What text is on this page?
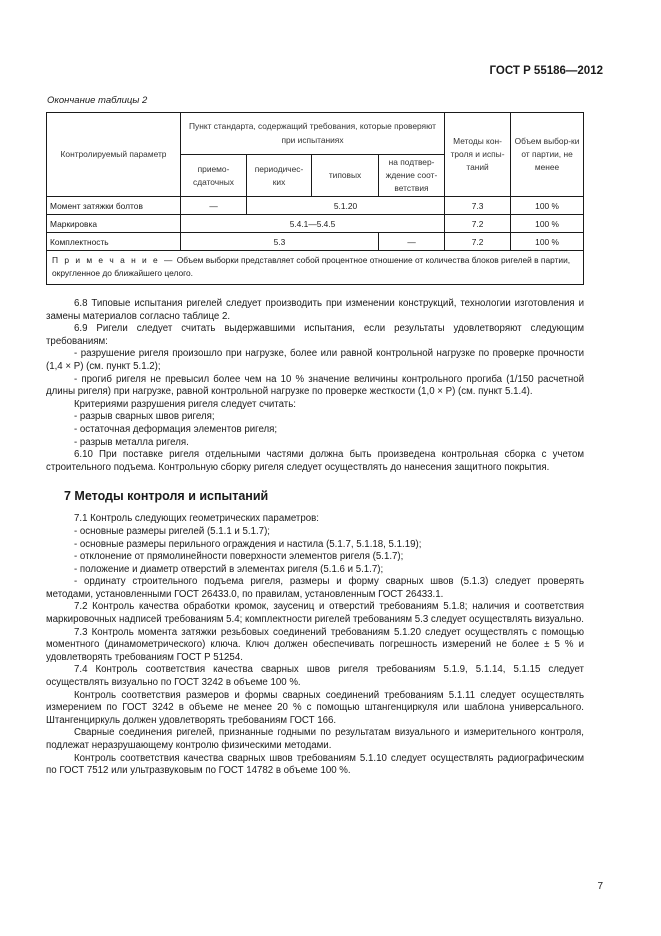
ГОСТ Р 55186—2012
Окончание таблицы 2
Контролируемый параметр	Пункт стандарта, содержащий требования, которые проверяют при испытаниях				Методы кон-троля и испы-таний	Объем выбор-ки от партии, не менее
	приемо-сдаточных	периодичес-ких	типовых	на подтвер-ждение соот-ветствия		
Момент затяжки болтов	—	5.1.20			7.3	100 %
Маркировка	5.4.1—5.4.5				7.2	100 %
Комплектность	5.3			—	7.2	100 %
П р и м е ч а н и е — Объем выборки представляет собой процентное отношение от количества блоков ригелей в партии, округленное до ближайшего целого.						

6.8 Типовые испытания ригелей следует производить при изменении конструкций, технологии изготовления и замены материалов согласно таблице 2.

6.9 Ригели следует считать выдержавшими испытания, если результаты удовлетворяют следующим требованиям:

- разрушение ригеля произошло при нагрузке, более или равной контрольной нагрузке по проверке прочности (1,4 × P) (см. пункт 5.1.2);

- прогиб ригеля не превысил более чем на 10 % значение величины контрольного прогиба (1/150 расчетной длины ригеля) при нагрузке, равной контрольной нагрузке по проверке жесткости (1,0 × P) (см. пункт 5.1.4).

Критериями разрушения ригеля следует считать:

- разрыв сварных швов ригеля;

- остаточная деформация элементов ригеля;

- разрыв металла ригеля.

6.10 При поставке ригеля отдельными частями должна быть произведена контрольная сборка с учетом строительного подъема. Контрольную сборку ригеля следует осуществлять до нанесения защитного покрытия.

7 Методы контроля и испытаний

7.1 Контроль следующих геометрических параметров:

- основные размеры ригелей (5.1.1 и 5.1.7);

- основные размеры перильного ограждения и настила (5.1.7, 5.1.18, 5.1.19);

- отклонение от прямолинейности поверхности элементов ригеля (5.1.7);

- положение и диаметр отверстий в элементах ригеля (5.1.6 и 5.1.7);

- ординату строительного подъема ригеля, размеры и форму сварных швов (5.1.3) следует проверять методами, установленными ГОСТ 26433.0, по правилам, установленным ГОСТ 26433.1.

7.2 Контроль качества обработки кромок, заусениц и отверстий требованиям 5.1.8; наличия и соответствия маркировочных надписей требованиям 5.4; комплектности ригелей требованиям 5.3 следует осуществлять визуально.

7.3 Контроль момента затяжки резьбовых соединений требованиям 5.1.20 следует осуществлять с помощью моментного (динамометрического) ключа. Ключ должен обеспечивать погрешность измерений не более ± 5 % и удовлетворять требованиям ГОСТ Р 51254.

7.4 Контроль соответствия качества сварных швов ригеля требованиям 5.1.9, 5.1.14, 5.1.15 следует осуществлять визуально по ГОСТ 3242 в объеме 100 %.

Контроль соответствия размеров и формы сварных соединений требованиям 5.1.11 следует осуществлять измерением по ГОСТ 3242 в объеме не менее 20 % с помощью штангенциркуля или шаблона универсального. Штангенциркуль должен удовлетворять требованиям ГОСТ 166.

Сварные соединения ригелей, признанные годными по результатам визуального и измерительного контроля, подлежат неразрушающему контролю физическими методами.

Контроль соответствия качества сварных швов требованиям 5.1.10 следует осуществлять радиографическим по ГОСТ 7512 или ультразвуковым по ГОСТ 14782 в объеме 100 %.

7
